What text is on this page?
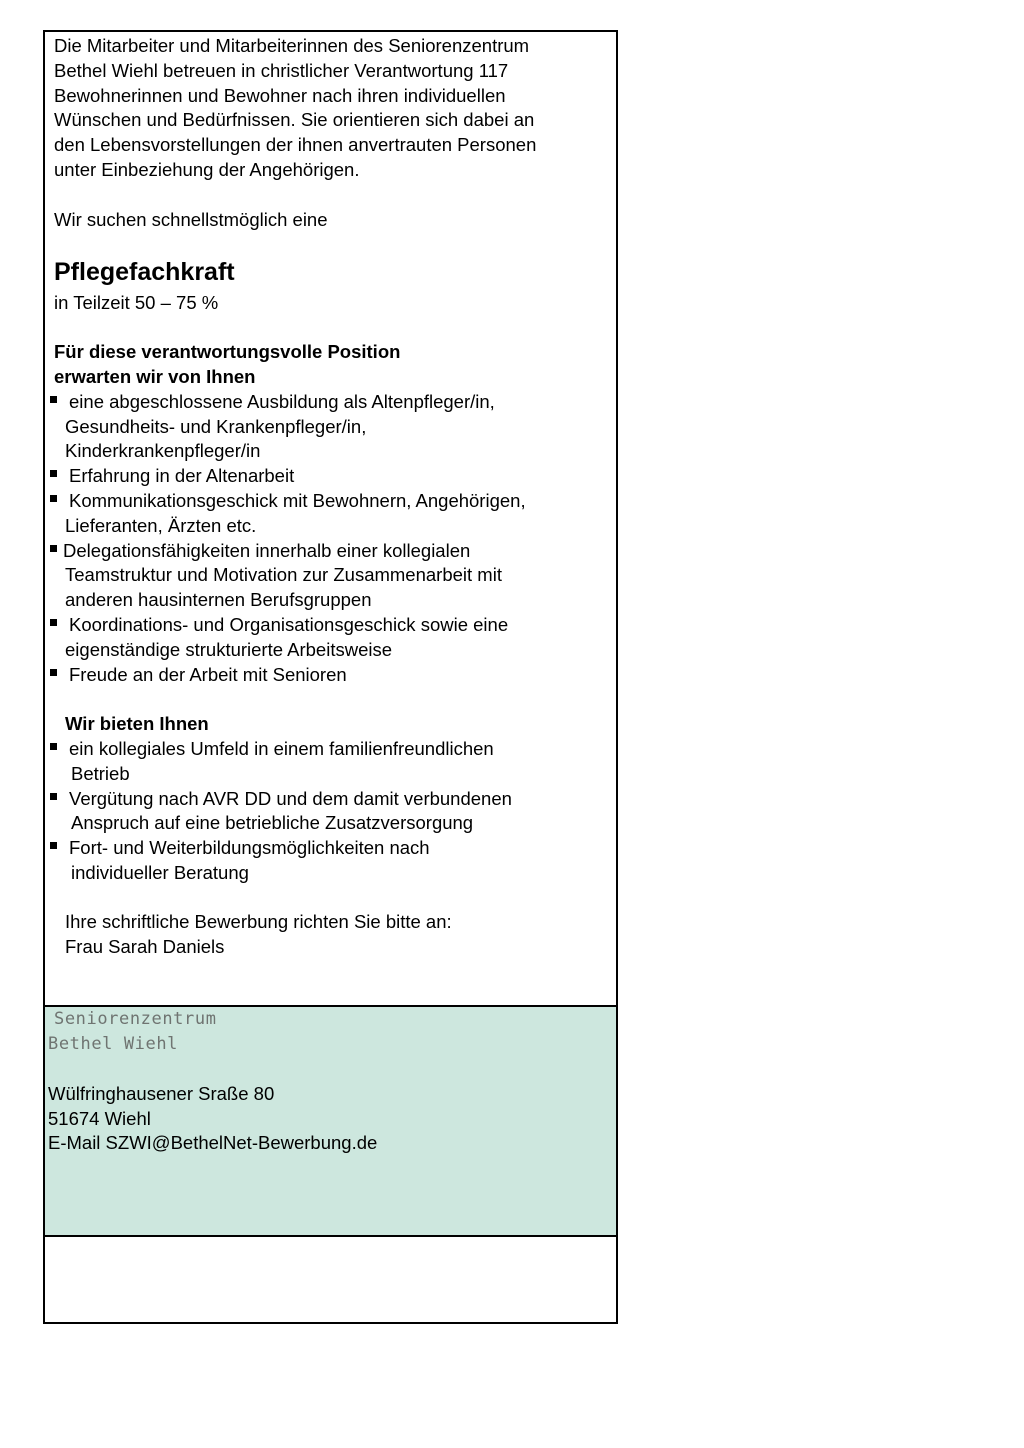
Die Mitarbeiter und Mitarbeiterinnen des Seniorenzentrum

Bethel Wiehl betreuen in christlicher Verantwortung 117

Bewohnerinnen und Bewohner nach ihren individuellen

Wünschen und Bedürfnissen. Sie orientieren sich dabei an

den Lebensvorstellungen der ihnen anvertrauten Personen

unter Einbeziehung der Angehörigen.

Wir suchen schnellstmöglich eine

Pflegefachkraft

in Teilzeit 50 – 75 %

Für diese verantwortungsvolle Position

erwarten wir von Ihnen

eine abgeschlossene Ausbildung als Altenpfleger/in,

Gesundheits- und Krankenpfleger/in,

Kinderkrankenpfleger/in

Erfahrung in der Altenarbeit

Kommunikationsgeschick mit Bewohnern, Angehörigen,

Lieferanten, Ärzten etc.

Delegationsfähigkeiten innerhalb einer kollegialen

Teamstruktur und Motivation zur Zusammenarbeit mit

anderen hausinternen Berufsgruppen

Koordinations- und Organisationsgeschick sowie eine

eigenständige strukturierte Arbeitsweise

Freude an der Arbeit mit Senioren

Wir bieten Ihnen

ein kollegiales Umfeld in einem familienfreundlichen

Betrieb

Vergütung nach AVR DD und dem damit verbundenen

Anspruch auf eine betriebliche Zusatzversorgung

Fort- und Weiterbildungsmöglichkeiten nach

individueller Beratung

Ihre schriftliche Bewerbung richten Sie bitte an:

Frau Sarah Daniels

Seniorenzentrum
Bethel Wiehl

Wülfringhausener Sraße 80

51674 Wiehl

E-Mail SZWI@BethelNet-Bewerbung.de
